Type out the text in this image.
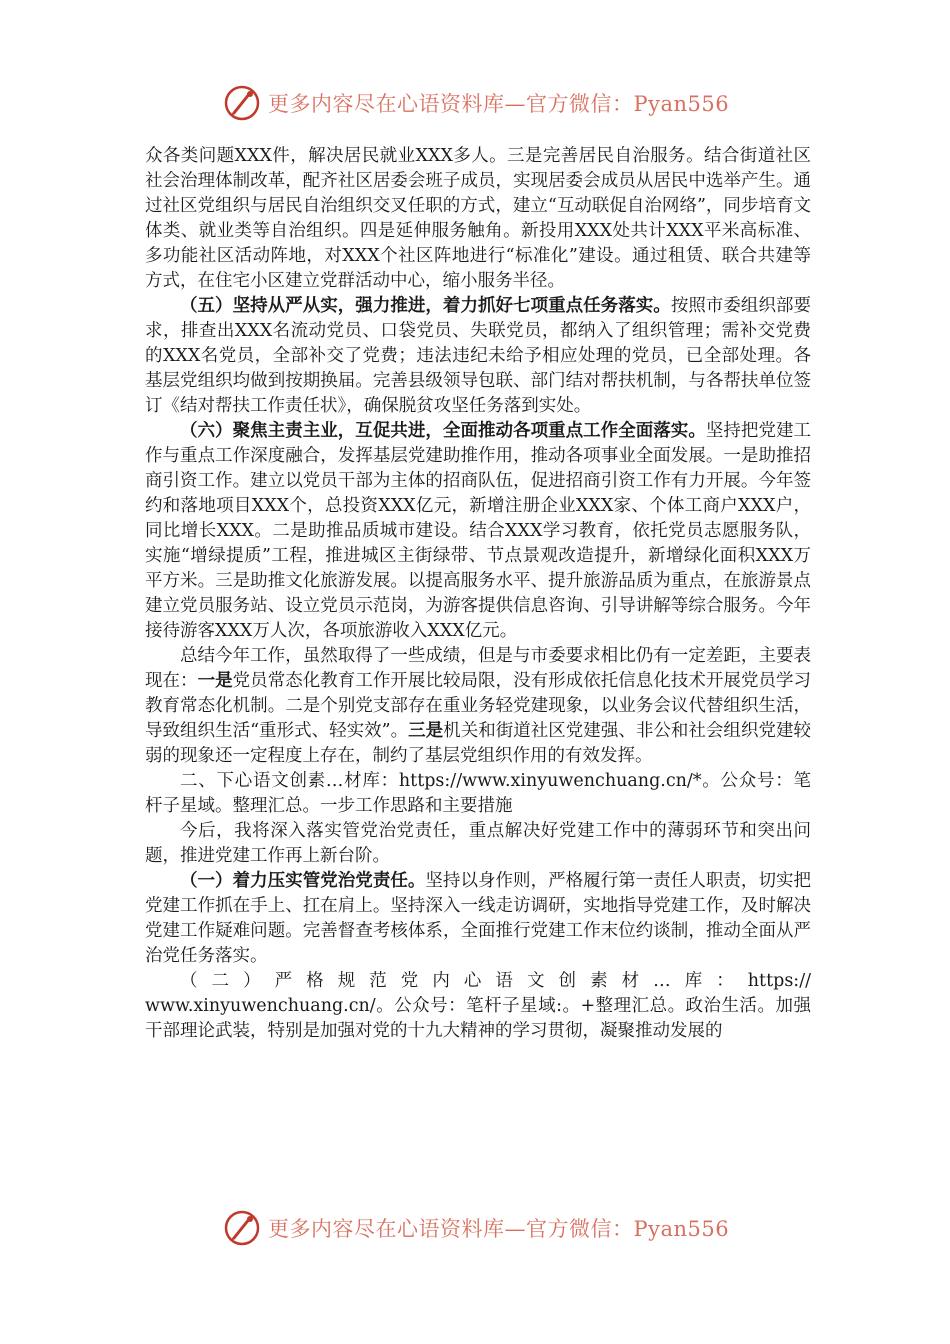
更多内容尽在心语资料库—官方微信：Pyan556

众各类问题XXX件，解决居民就业XXX多人。三是完善居民自治服务。结合街道社区社会治理体制改革，配齐社区居委会班子成员，实现居委会成员从居民中选举产生。通过社区党组织与居民自治组织交叉任职的方式，建立“互动联促自治网络”，同步培育文体类、就业类等自治组织。四是延伸服务触角。新投用XXX处共计XXX平米高标准、多功能社区活动阵地，对XXX个社区阵地进行“标准化”建设。通过租赁、联合共建等方式，在住宅小区建立党群活动中心，缩小服务半径。

（五）坚持从严从实，强力推进，着力抓好七项重点任务落实。按照市委组织部要求，排查出XXX名流动党员、口袋党员、失联党员，都纳入了组织管理；需补交党费的XXX名党员，全部补交了党费；违法违纪未给予相应处理的党员，已全部处理。各基层党组织均做到按期换届。完善县级领导包联、部门结对帮扶机制，与各帮扶单位签订《结对帮扶工作责任状》，确保脱贫攻坚任务落到实处。

（六）聚焦主责主业，互促共进，全面推动各项重点工作全面落实。坚持把党建工作与重点工作深度融合，发挥基层党建助推作用，推动各项事业全面发展。一是助推招商引资工作。建立以党员干部为主体的招商队伍，促进招商引资工作有力开展。今年签约和落地项目XXX个，总投资XXX亿元，新增注册企业XXX家、个体工商户XXX户，同比增长XXX。二是助推品质城市建设。结合XXX学习教育，依托党员志愿服务队，实施“增绿提质”工程，推进城区主街绿带、节点景观改造提升，新增绿化面积XXX万平方米。三是助推文化旅游发展。以提高服务水平、提升旅游品质为重点，在旅游景点建立党员服务站、设立党员示范岗，为游客提供信息咨询、引导讲解等综合服务。今年接待游客XXX万人次，各项旅游收入XXX亿元。

总结今年工作，虽然取得了一些成绩，但是与市委要求相比仍有一定差距，主要表现在：一是党员常态化教育工作开展比较局限，没有形成依托信息化技术开展党员学习教育常态化机制。二是个别党支部存在重业务轻党建现象，以业务会议代替组织生活，导致组织生活“重形式、轻实效”。三是机关和街道社区党建强、非公和社会组织党建较弱的现象还一定程度上存在，制约了基层党组织作用的有效发挥。

二、下心语文创素…材库：https://www.xinyuwenchuang.cn/*。公众号：笔杆子星域。整理汇总。一步工作思路和主要措施

今后，我将深入落实管党治党责任，重点解决好党建工作中的薄弱环节和突出问题，推进党建工作再上新台阶。

（一）着力压实管党治党责任。坚持以身作则，严格履行第一责任人职责，切实把党建工作抓在手上、扛在肩上。坚持深入一线走访调研，实地指导党建工作，及时解决党建工作疑难问题。完善督查考核体系，全面推行党建工作末位约谈制，推动全面从严治党任务落实。

（二）严格规范党内心语文创素材…库：https://

www.xinyuwenchuang.cn/。公众号：笔杆子星域:。+整理汇总。政治生活。加强干部理论武装，特别是加强对党的十九大精神的学习贯彻，凝聚推动发展的

更多内容尽在心语资料库—官方微信：Pyan556
